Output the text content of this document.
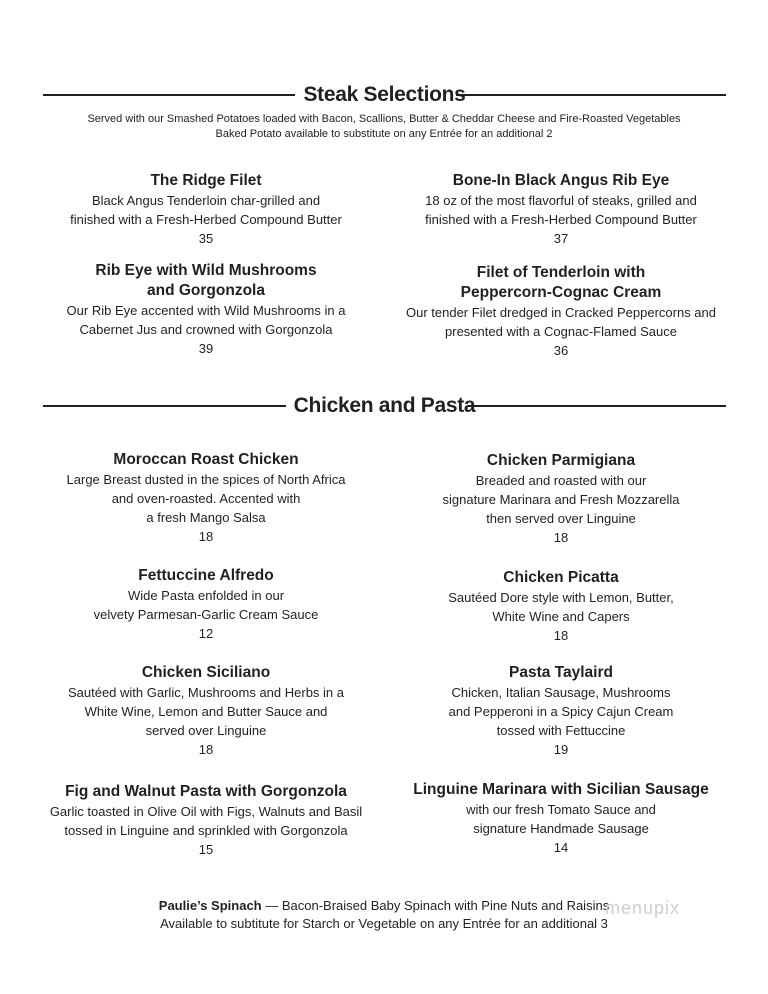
Steak Selections
Served with our Smashed Potatoes loaded with Bacon, Scallions, Butter & Cheddar Cheese and Fire-Roasted Vegetables
Baked Potato available to substitute on any Entrée for an additional 2
The Ridge Filet
Black Angus Tenderloin char-grilled and
finished with a Fresh-Herbed Compound Butter
35
Bone-In Black Angus Rib Eye
18 oz of the most flavorful of steaks, grilled and
finished with a Fresh-Herbed Compound Butter
37
Rib Eye with Wild Mushrooms
and Gorgonzola
Our Rib Eye accented with Wild Mushrooms in a
Cabernet Jus and crowned with Gorgonzola
39
Filet of Tenderloin with
Peppercorn-Cognac Cream
Our tender Filet dredged in Cracked Peppercorns and
presented with a Cognac-Flamed Sauce
36
Chicken and Pasta
Moroccan Roast Chicken
Large Breast dusted in the spices of North Africa
and oven-roasted. Accented with
a fresh Mango Salsa
18
Chicken Parmigiana
Breaded and roasted with our
signature Marinara and Fresh Mozzarella
then served over Linguine
18
Fettuccine Alfredo
Wide Pasta enfolded in our
velvety Parmesan-Garlic Cream Sauce
12
Chicken Picatta
Sautéed Dore style with Lemon, Butter,
White Wine and Capers
18
Chicken Siciliano
Sautéed with Garlic, Mushrooms and Herbs in a
White Wine, Lemon and Butter Sauce and
served over Linguine
18
Pasta Taylaird
Chicken, Italian Sausage, Mushrooms
and Pepperoni in a Spicy Cajun Cream
tossed with Fettuccine
19
Fig and Walnut Pasta with Gorgonzola
Garlic toasted in Olive Oil with Figs, Walnuts and Basil
tossed in Linguine and sprinkled with Gorgonzola
15
Linguine Marinara with Sicilian Sausage
with our fresh Tomato Sauce and
signature Handmade Sausage
14
Paulie’s Spinach — Bacon-Braised Baby Spinach with Pine Nuts and Raisins
Available to subtitute for Starch or Vegetable on any Entrée for an additional 3
menupix
